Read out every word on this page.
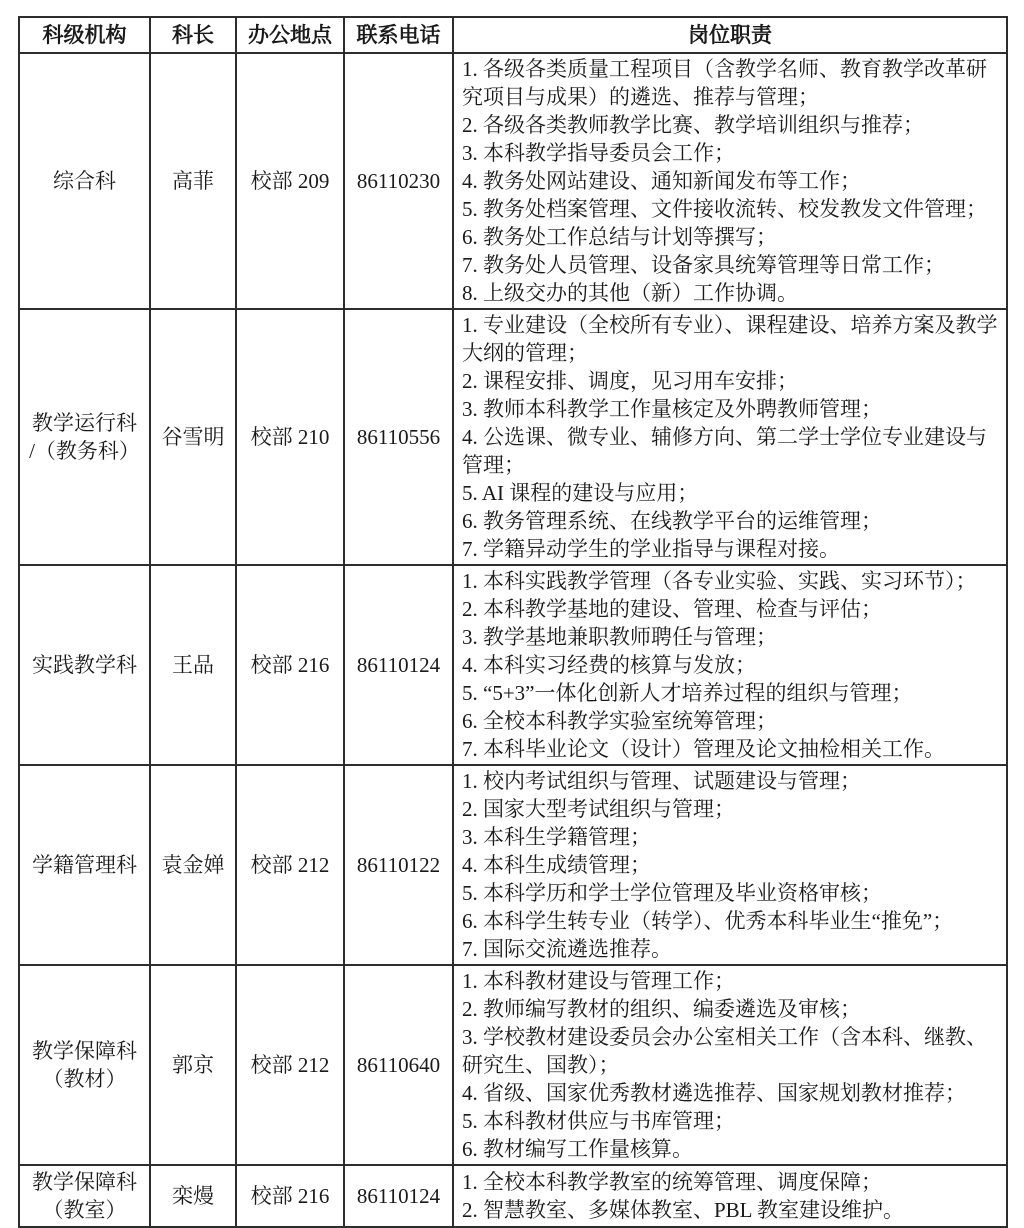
科级机构	科长	办公地点	联系电话	岗位职责

综合科	高菲	校部 209	86110230	
1. 各级各类质量工程项目（含教学名师、教育教学改革研究项目与成果）的遴选、推荐与管理；
2. 各级各类教师教学比赛、教学培训组织与推荐；
3. 本科教学指导委员会工作；
4. 教务处网站建设、通知新闻发布等工作；
5. 教务处档案管理、文件接收流转、校发教发文件管理；
6. 教务处工作总结与计划等撰写；
7. 教务处人员管理、设备家具统筹管理等日常工作；
8. 上级交办的其他（新）工作协调。

教学运行科
/（教务科）
	谷雪明	校部 210	86110556	
1. 专业建设（全校所有专业）、课程建设、培养方案及教学大纲的管理；
2. 课程安排、调度，见习用车安排；
3. 教师本科教学工作量核定及外聘教师管理；
4. 公选课、微专业、辅修方向、第二学士学位专业建设与管理；
5. AI 课程的建设与应用；
6. 教务管理系统、在线教学平台的运维管理；
7. 学籍异动学生的学业指导与课程对接。

实践教学科	王品	校部 216	86110124	
1. 本科实践教学管理（各专业实验、实践、实习环节）；
2. 本科教学基地的建设、管理、检查与评估；
3. 教学基地兼职教师聘任与管理；
4. 本科实习经费的核算与发放；
5. “5+3”一体化创新人才培养过程的组织与管理；
6. 全校本科教学实验室统筹管理；
7. 本科毕业论文（设计）管理及论文抽检相关工作。

学籍管理科	袁金婵	校部 212	86110122	
1. 校内考试组织与管理、试题建设与管理；
2. 国家大型考试组织与管理；
3. 本科生学籍管理；
4. 本科生成绩管理；
5. 本科学历和学士学位管理及毕业资格审核；
6. 本科学生转专业（转学）、优秀本科毕业生“推免”；
7. 国际交流遴选推荐。

教学保障科
（教材）
	郭京	校部 212	86110640	
1. 本科教材建设与管理工作；
2. 教师编写教材的组织、编委遴选及审核；
3. 学校教材建设委员会办公室相关工作（含本科、继教、研究生、国教）；
4. 省级、国家优秀教材遴选推荐、国家规划教材推荐；
5. 本科教材供应与书库管理；
6. 教材编写工作量核算。

教学保障科
（教室）
	栾熳	校部 216	86110124	
1. 全校本科教学教室的统筹管理、调度保障；
2. 智慧教室、多媒体教室、PBL 教室建设维护。
